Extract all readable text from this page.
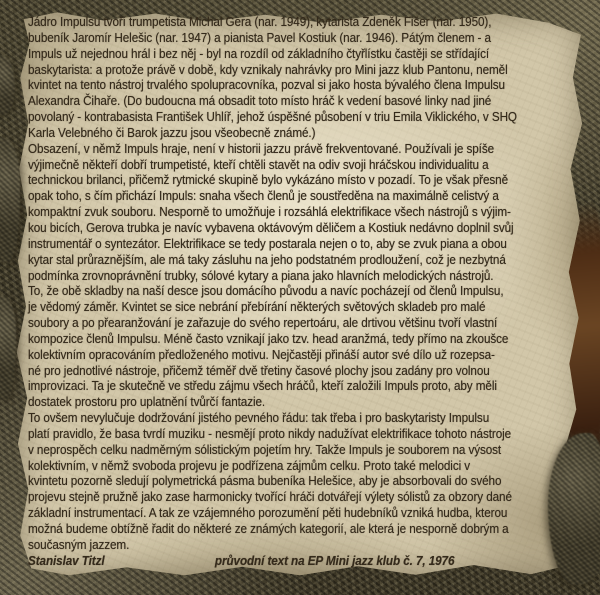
Jádro Impulsu tvoří trumpetista Michal Gera (nar. 1949), kytarista Zdeněk Fišer (nar. 1950),
bubeník Jaromír Helešic (nar. 1947) a pianista Pavel Kostiuk (nar. 1946). Pátým členem - a
Impuls už nejednou hrál i bez něj - byl na rozdíl od základního čtyřlístku častěji se střídající
baskytarista: a protože právě v době, kdy vznikaly nahrávky pro Mini jazz klub Pantonu, neměl
kvintet na tento nástroj trvalého spolupracovníka, pozval si jako hosta bývalého člena Impulsu
Alexandra Čihaře. (Do budoucna má obsadit toto místo hráč k vedení basové linky nad jiné
povolaný - kontrabasista František Uhlíř, jehož úspěšné působení v triu Emila Viklického, v SHQ
Karla Velebného či Barok jazzu jsou všeobecně známé.)
Obsazení, v němž Impuls hraje, není v historii jazzu právě frekventované. Používali je spíše
výjimečně někteří dobří trumpetisté, kteří chtěli stavět na odiv svoji hráčskou individualitu a
technickou brilanci, přičemž rytmické skupině bylo vykázáno místo v pozadí. To je však přesně
opak toho, s čím přichází Impuls: snaha všech členů je soustředěna na maximálně celistvý a
kompaktní zvuk souboru. Nesporně to umožňuje i rozsáhlá elektrifikace všech nástrojů s výjim-
kou bicích, Gerova trubka je navíc vybavena oktávovým děličem a Kostiuk nedávno doplnil svůj
instrumentář o syntezátor. Elektrifikace se tedy postarala nejen o to, aby se zvuk piana a obou
kytar stal průraznějším, ale má taky zásluhu na jeho podstatném prodloužení, což je nezbytná
podmínka zrovnoprávnění trubky, sólové kytary a piana jako hlavních melodických nástrojů.
To, že obě skladby na naší desce jsou domácího původu a navíc pocházejí od členů Impulsu,
je vědomý záměr. Kvintet se sice nebrání přebírání některých světových skladeb pro malé
soubory a po přearanžování je zařazuje do svého repertoáru, ale drtivou většinu tvoří vlastní
kompozice členů Impulsu. Méně často vznikají jako tzv. head aranžmá, tedy přímo na zkoušce
kolektivním opracováním předloženého motivu. Nejčastěji přináší autor své dílo už rozepsa-
né pro jednotlivé nástroje, přičemž téměř dvě třetiny časové plochy jsou zadány pro volnou
improvizaci. Ta je skutečně ve středu zájmu všech hráčů, kteří založili Impuls proto, aby měli
dostatek prostoru pro uplatnění tvůrčí fantazie.
To ovšem nevylučuje dodržování jistého pevného řádu: tak třeba i pro baskytaristy Impulsu
platí pravidlo, že basa tvrdí muziku - nesmějí proto nikdy nadužívat elektrifikace tohoto nástroje
v neprospěch celku nadměrným sólistickým pojetím hry. Takže Impuls je souborem na výsost
kolektivním, v němž svoboda projevu je podřízena zájmům celku. Proto také melodici v
kvintetu pozorně sledují polymetrická pásma bubeníka Helešice, aby je absorbovali do svého
projevu stejně pružně jako zase harmonicky tvořící hráči dotvářejí výlety sólistů za obzory dané
základní instrumentací. A tak ze vzájemného porozumění pěti hudebníků vzniká hudba, kterou
možná budeme obtížně řadit do některé ze známých kategorií, ale která je nesporně dobrým a
současným jazzem.
Stanislav Titzl	průvodní text na EP Mini jazz klub č. 7, 1976
